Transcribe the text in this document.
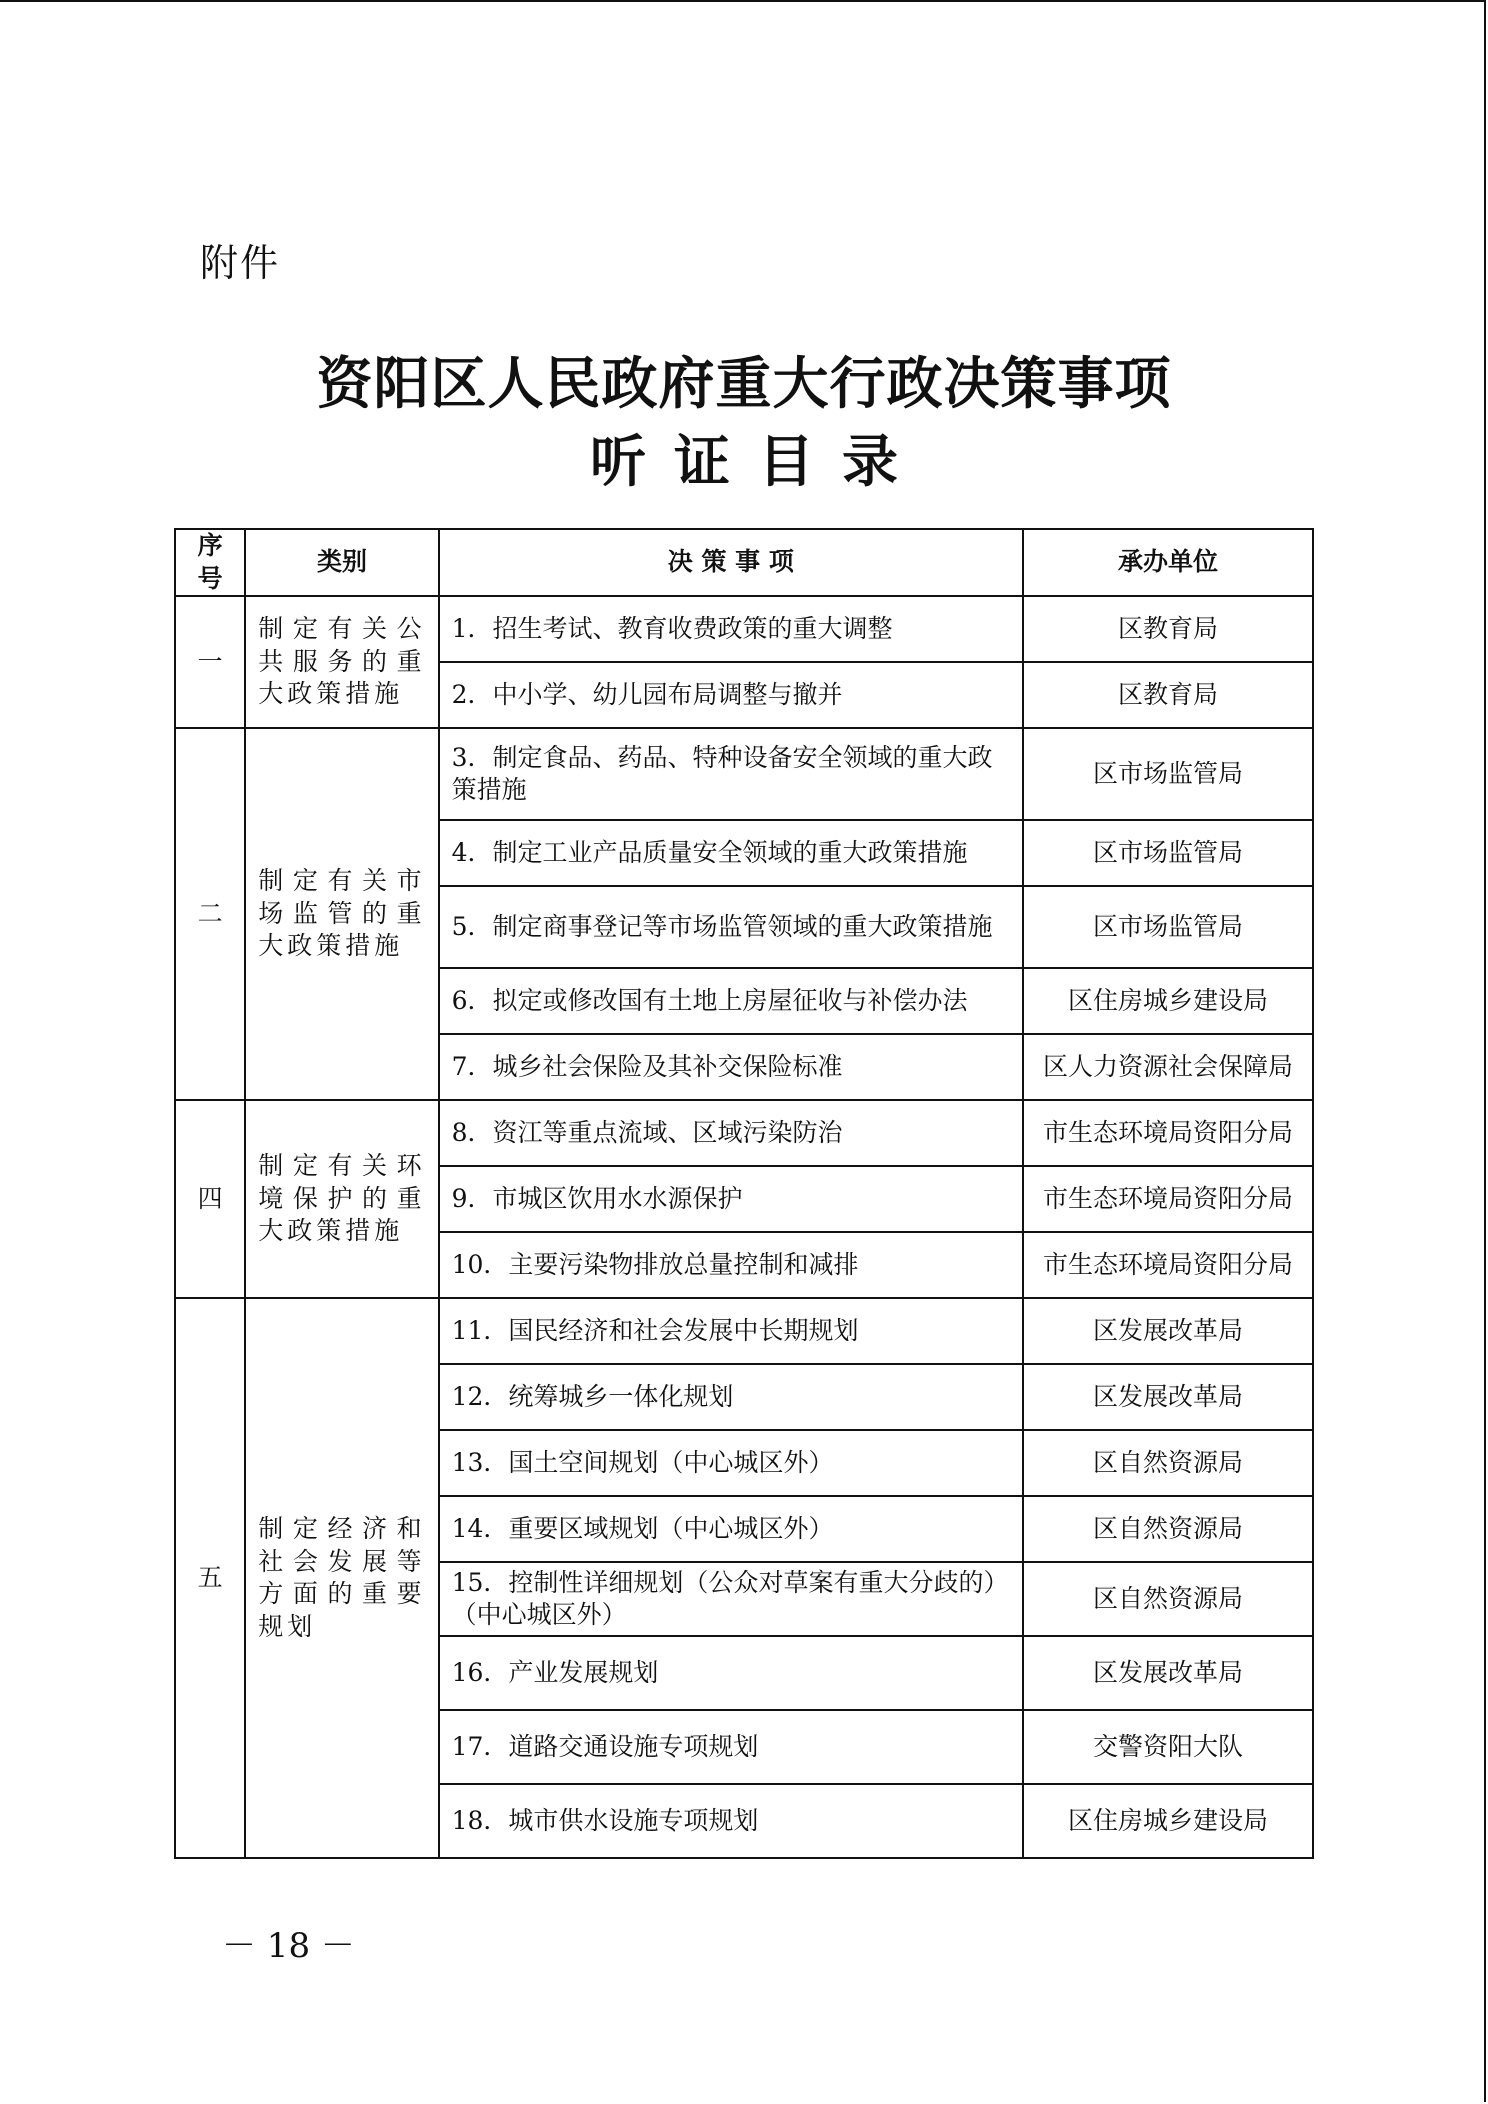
附件
资阳区人民政府重大行政决策事项
听证目录
序号	类别	决 策 事 项	承办单位
一	制定有关公共服务的重大政策措施	1．招生考试、教育收费政策的重大调整	区教育局
		2．中小学、幼儿园布局调整与撤并	区教育局
二	制定有关市场监管的重大政策措施	3．制定食品、药品、特种设备安全领域的重大政策措施	区市场监管局
		4．制定工业产品质量安全领域的重大政策措施	区市场监管局
		5．制定商事登记等市场监管领域的重大政策措施	区市场监管局
		6．拟定或修改国有土地上房屋征收与补偿办法	区住房城乡建设局
		7．城乡社会保险及其补交保险标准	区人力资源社会保障局
四	制定有关环境保护的重大政策措施	8．资江等重点流域、区域污染防治	市生态环境局资阳分局
		9．市城区饮用水水源保护	市生态环境局资阳分局
		10．主要污染物排放总量控制和减排	市生态环境局资阳分局
五	制定经济和社会发展等方面的重要规划	11．国民经济和社会发展中长期规划	区发展改革局
		12．统筹城乡一体化规划	区发展改革局
		13．国土空间规划（中心城区外）	区自然资源局
		14．重要区域规划（中心城区外）	区自然资源局
		15．控制性详细规划（公众对草案有重大分歧的）（中心城区外）	区自然资源局
		16．产业发展规划	区发展改革局
		17．道路交通设施专项规划	交警资阳大队
		18．城市供水设施专项规划	区住房城乡建设局
－ 18 －
